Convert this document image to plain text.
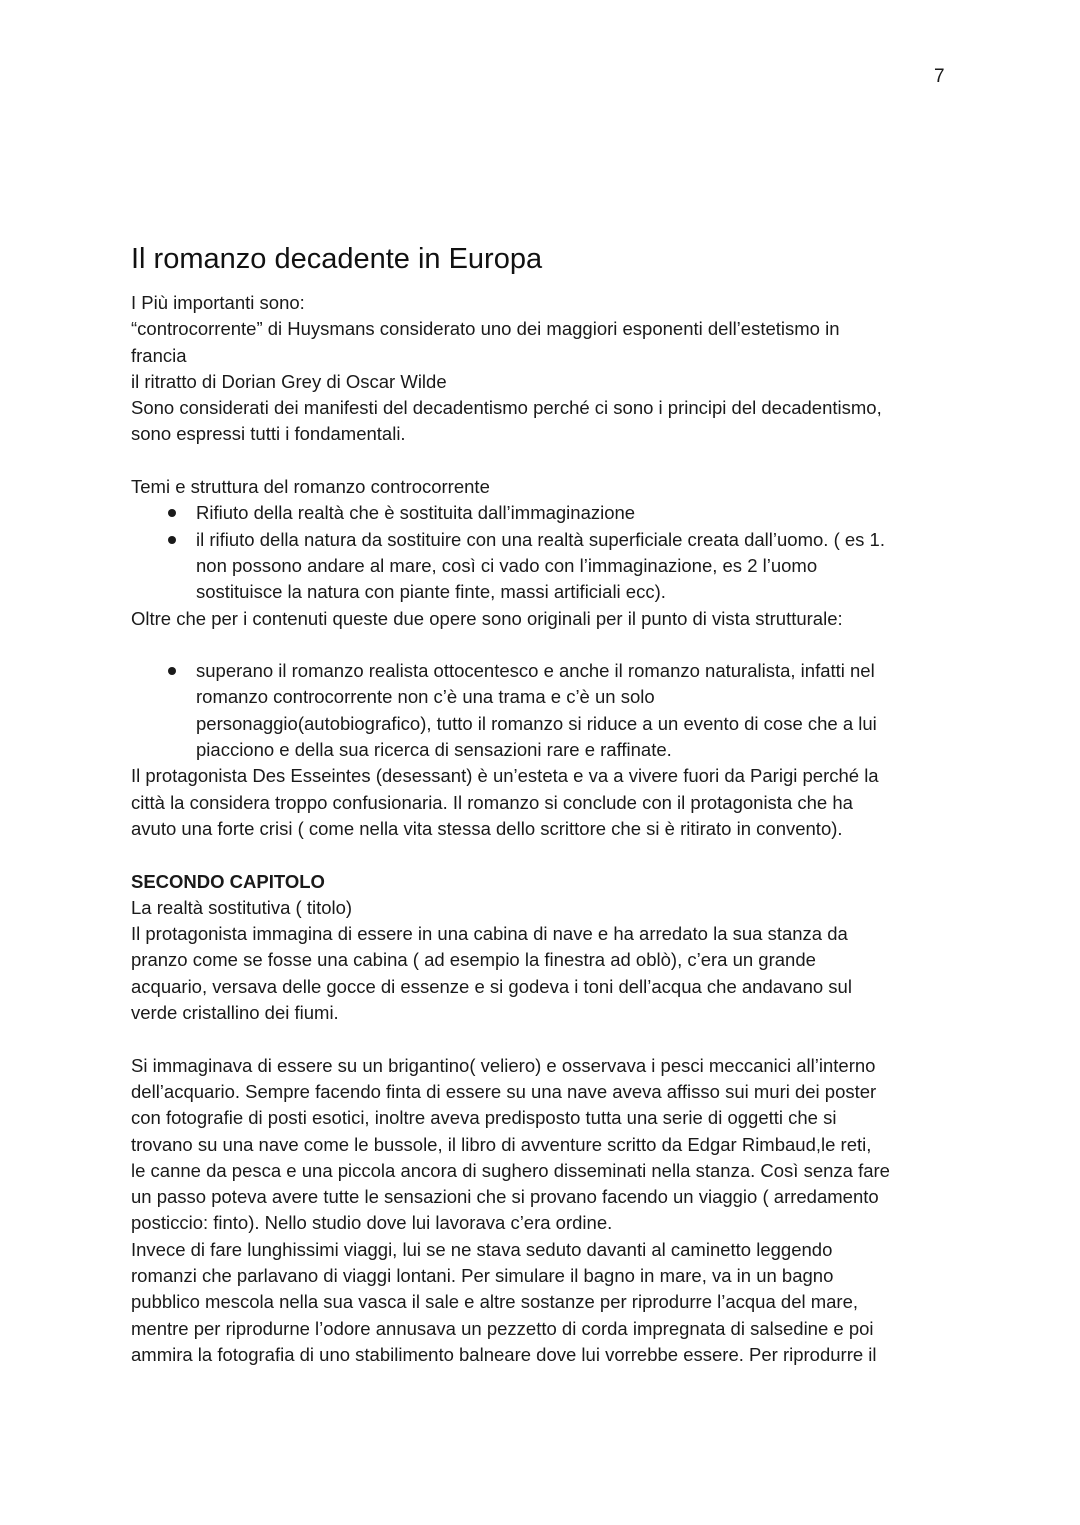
7
Il romanzo decadente in Europa
I Più importanti sono:
“controcorrente” di Huysmans considerato uno dei maggiori esponenti dell’estetismo in
francia
il ritratto di Dorian Grey di Oscar Wilde
Sono considerati dei manifesti del decadentismo perché ci sono i principi del decadentismo,
sono espressi tutti i fondamentali.
Temi e struttura del romanzo controcorrente
Rifiuto della realtà che è sostituita dall’immaginazione
il rifiuto della natura da sostituire con una realtà superficiale creata dall’uomo. ( es 1.
non possono andare al mare, così ci vado con l’immaginazione, es 2 l’uomo
sostituisce la natura con piante finte, massi artificiali ecc).
Oltre che per i contenuti queste due opere sono originali per il punto di vista strutturale:
superano il romanzo realista ottocentesco e anche il romanzo naturalista, infatti nel
romanzo controcorrente non c’è una trama e c’è un solo
personaggio(autobiografico), tutto il romanzo si riduce a un evento di cose che a lui
piacciono e della sua ricerca di sensazioni rare e raffinate.
Il protagonista Des Esseintes (desessant) è un’esteta e va a vivere fuori da Parigi perché la
città la considera troppo confusionaria. Il romanzo si conclude con il protagonista che ha
avuto una forte crisi ( come nella vita stessa dello scrittore che si è ritirato in convento).
SECONDO CAPITOLO
La realtà sostitutiva ( titolo)
Il protagonista immagina di essere in una cabina di nave e ha arredato la sua stanza da
pranzo come se fosse una cabina ( ad esempio la finestra ad oblò), c’era un grande
acquario, versava delle gocce di essenze e si godeva i toni dell’acqua che andavano sul
verde cristallino dei fiumi.
Si immaginava di essere su un brigantino( veliero) e osservava i pesci meccanici all’interno
dell’acquario. Sempre facendo finta di essere su una nave aveva affisso sui muri dei poster
con fotografie di posti esotici, inoltre aveva predisposto tutta una serie di oggetti che si
trovano su una nave come le bussole, il libro di avventure scritto da Edgar Rimbaud,le reti,
le canne da pesca e una piccola ancora di sughero disseminati nella stanza. Così senza fare
un passo poteva avere tutte le sensazioni che si provano facendo un viaggio ( arredamento
posticcio: finto). Nello studio dove lui lavorava c’era ordine.
Invece di fare lunghissimi viaggi, lui se ne stava seduto davanti al caminetto leggendo
romanzi che parlavano di viaggi lontani. Per simulare il bagno in mare, va in un bagno
pubblico mescola nella sua vasca il sale e altre sostanze per riprodurre l’acqua del mare,
mentre per riprodurne l’odore annusava un pezzetto di corda impregnata di salsedine e poi
ammira la fotografia di uno stabilimento balneare dove lui vorrebbe essere. Per riprodurre il
